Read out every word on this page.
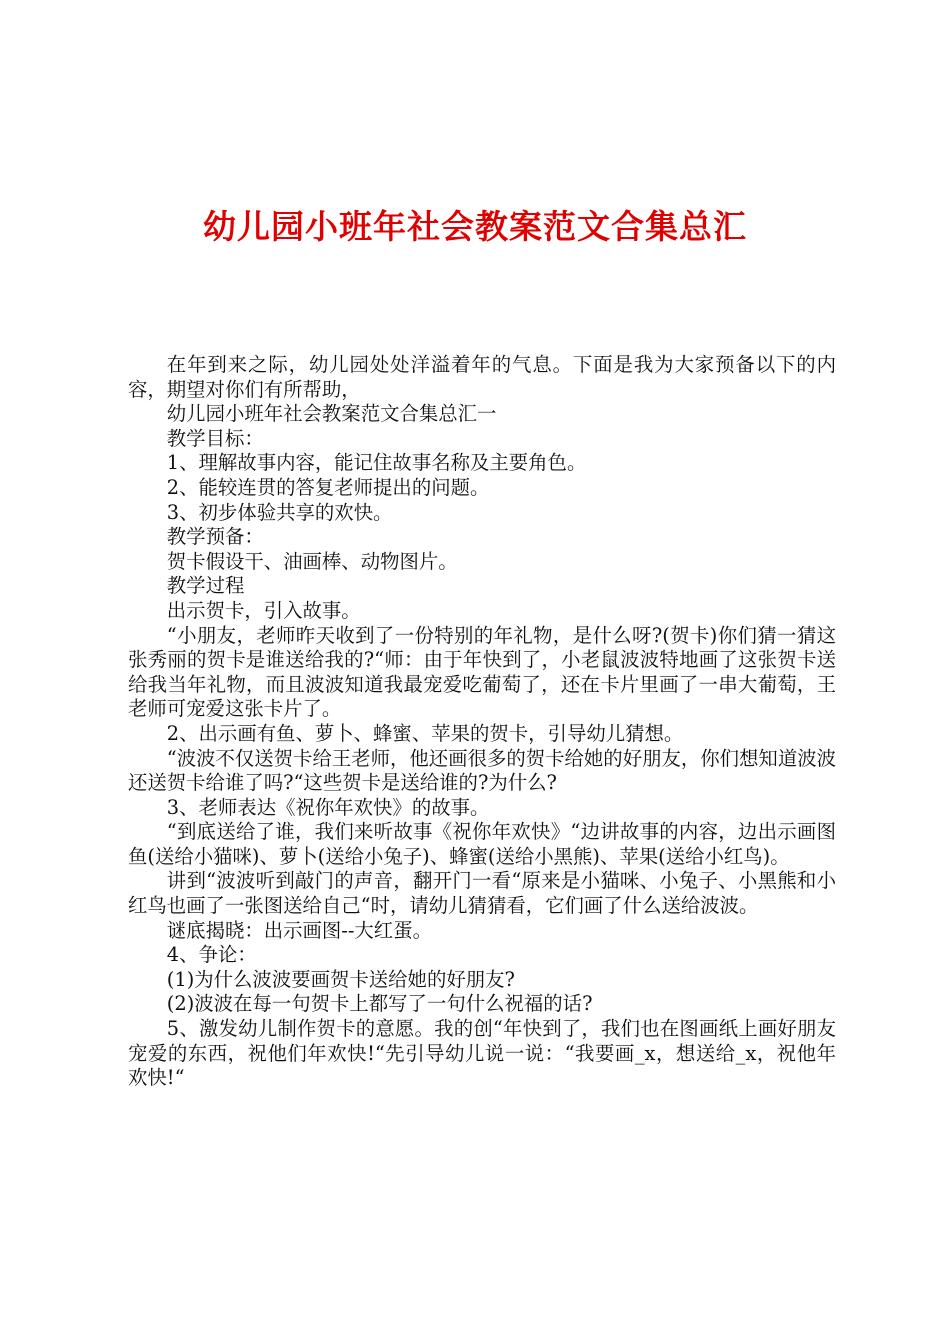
幼儿园小班年社会教案范文合集总汇

在年到来之际，幼儿园处处洋溢着年的气息。下面是我为大家预备以下的内容，期望对你们有所帮助，

幼儿园小班年社会教案范文合集总汇一

教学目标：

1、理解故事内容，能记住故事名称及主要角色。

2、能较连贯的答复老师提出的问题。

3、初步体验共享的欢快。

教学预备：

贺卡假设干、油画棒、动物图片。

教学过程

出示贺卡，引入故事。

“小朋友，老师昨天收到了一份特别的年礼物，是什么呀?(贺卡)你们猜一猜这张秀丽的贺卡是谁送给我的?“师：由于年快到了，小老鼠波波特地画了这张贺卡送给我当年礼物，而且波波知道我最宠爱吃葡萄了，还在卡片里画了一串大葡萄，王老师可宠爱这张卡片了。

2、出示画有鱼、萝卜、蜂蜜、苹果的贺卡，引导幼儿猜想。

“波波不仅送贺卡给王老师，他还画很多的贺卡给她的好朋友，你们想知道波波还送贺卡给谁了吗?“这些贺卡是送给谁的?为什么?

3、老师表达《祝你年欢快》的故事。

“到底送给了谁，我们来听故事《祝你年欢快》“边讲故事的内容，边出示画图鱼(送给小猫咪)、萝卜(送给小兔子)、蜂蜜(送给小黑熊)、苹果(送给小红鸟)。

讲到“波波听到敲门的声音，翻开门一看“原来是小猫咪、小兔子、小黑熊和小红鸟也画了一张图送给自己“时，请幼儿猜猜看，它们画了什么送给波波。

谜底揭晓：出示画图--大红蛋。

4、争论：

(1)为什么波波要画贺卡送给她的好朋友?

(2)波波在每一句贺卡上都写了一句什么祝福的话?

5、激发幼儿制作贺卡的意愿。我的创“年快到了，我们也在图画纸上画好朋友宠爱的东西，祝他们年欢快!“先引导幼儿说一说：“我要画_x，想送给_x，祝他年欢快!“
